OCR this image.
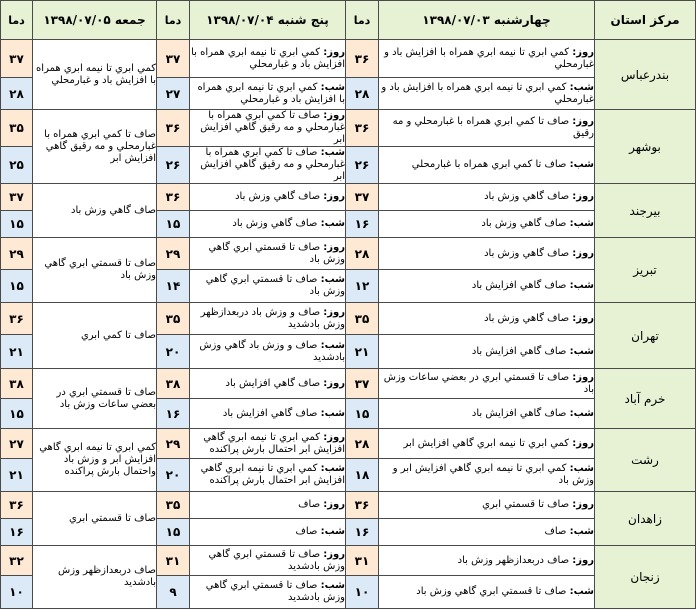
مرکز استان	چهارشنبه ۱۳۹۸/۰۷/۰۳	دما	پنج شنبه ۱۳۹۸/۰۷/۰۴	دما	جمعه ۱۳۹۸/۰۷/۰۵	دما
بندرعباس	روز: کمي ابري تا نيمه ابري همراه با افزايش باد و غبارمحلي	۳۶	روز: کمي ابري تا نيمه ابري همراه با افزايش باد و غبارمحلي	۳۷	کمي ابري تا نيمه ابري همراه با افزايش باد و غبارمحلي	۳۷
	شب: کمي ابري تا نيمه ابري همراه با افزايش باد و غبارمحلي	۲۸	شب: کمي ابري تا نيمه ابري همراه با افزايش باد و غبارمحلي	۲۷		۲۸
بوشهر	روز: صاف تا کمي ابري همراه با غبارمحلي و مه رقيق	۳۶	روز: صاف تا کمي ابري همراه با غبارمحلي و مه رقيق گاهي افزايش ابر	۳۶	صاف تا کمي ابري همراه با غبارمحلي و مه رقيق گاهي افزايش ابر	۳۵
	شب: صاف تا کمي ابري همراه با غبارمحلي	۲۶	شب: صاف تا کمي ابري همراه با غبارمحلي و مه رقيق گاهي افزايش ابر	۲۶		۲۵
بيرجند	روز: صاف گاهي وزش باد	۳۷	روز: صاف گاهي وزش باد	۳۶	صاف گاهي وزش باد	۳۷
	شب: صاف گاهي وزش باد	۱۶	شب: صاف گاهي وزش باد	۱۵		۱۵
تبريز	روز: صاف گاهي وزش باد	۲۸	روز: صاف تا قسمتي ابري گاهي وزش باد	۲۹	صاف تا قسمتي ابري گاهي وزش باد	۲۹
	شب: صاف گاهي افزايش باد	۱۲	شب: صاف تا قسمتي ابري گاهي وزش باد	۱۴		۱۵
تهران	روز: صاف گاهي وزش باد	۳۵	روز: صاف و وزش باد دربعدازظهر وزش بادشديد	۳۵	صاف تا کمي ابري	۳۶
	شب: صاف گاهي افزايش باد	۲۱	شب: صاف و وزش باد گاهي وزش بادشديد	۲۰		۲۱
خرم آباد	روز: صاف تا قسمتي ابري در بعضي ساعات وزش باد	۳۷	روز: صاف گاهي افزايش باد	۳۸	صاف تا قسمتي ابري در بعضي ساعات وزش باد	۳۸
	شب: صاف گاهي افزايش باد	۱۵	شب: صاف گاهي افزايش باد	۱۶		۱۵
رشت	روز: کمي ابري تا نيمه ابري گاهي افزايش ابر	۲۸	روز: کمي ابري تا نيمه ابري گاهي افزايش ابر احتمال بارش پراکنده	۲۹	کمي ابري تا نيمه ابري گاهي افزايش ابر و وزش باد واحتمال بارش پراکنده	۲۷
	شب: کمي ابري تا نيمه ابري گاهي افزايش ابر و وزش باد	۱۸	شب: کمي ابري تا نيمه ابري گاهي افزايش ابر احتمال بارش پراکنده	۲۰		۲۱
زاهدان	روز: صاف تا قسمتي ابري	۳۶	روز: صاف	۳۵	صاف تا قسمتي ابري	۳۶
	شب: صاف	۱۶	شب: صاف	۱۵		۱۶
زنجان	روز: صاف دربعدازظهر وزش باد	۳۱	روز: صاف تا قسمتي ابري گاهي وزش بادشديد	۳۱	صاف دربعدازظهر وزش بادشديد	۳۲
	شب: صاف تا قسمتي ابري گاهي وزش باد	۱۰	شب: صاف تا قسمتي ابري گاهي وزش بادشديد	۹		۱۰
